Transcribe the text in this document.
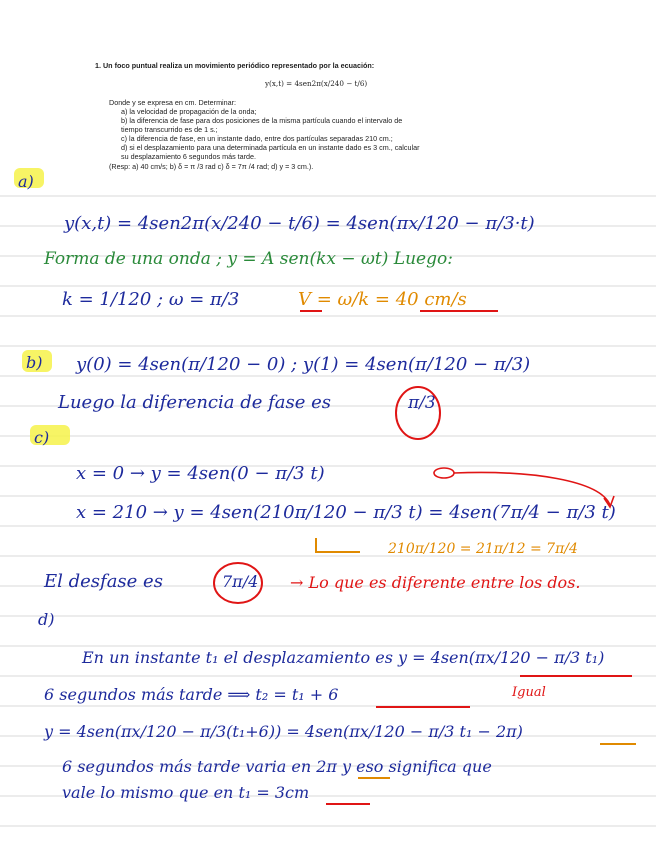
1. Un foco puntual realiza un movimiento periódico representado por la ecuación:
y(x,t) = 4sen2π(x/240 − t/6)
Donde y se expresa en cm. Determinar:
a) la velocidad de propagación de la onda;
b) la diferencia de fase para dos posiciones de la misma partícula cuando el intervalo de
tiempo transcurrido es de 1 s.;
c) la diferencia de fase, en un instante dado, entre dos partículas separadas 210 cm.;
d) si el desplazamiento para una determinada partícula en un instante dado es 3 cm., calcular
su desplazamiento 6 segundos más tarde.
(Resp: a) 40 cm/s; b) δ = π /3 rad c) δ = 7π /4 rad; d) y = 3 cm.).
a)
y(x,t) = 4sen2π(x/240 − t/6) = 4sen(πx/120 − π/3·t)
Forma de una onda ; y = A sen(kx − ωt) Luego:
k = 1/120 ; ω = π/3	V = ω/k = 40 cm/s
b) y(0) = 4sen(π/120 − 0) ; y(1) = 4sen(π/120 − π/3)
Luego la diferencia de fase es	π/3
c)
x = 0 → y = 4sen(0 − π/3 t)
x = 210 → y = 4sen(210π/120 − π/3 t) = 4sen(7π/4 − π/3 t)
210π/120 = 21π/12 = 7π/4
El desfase es	7π/4 → Lo que es diferente entre los dos.
d)
En un instante t₁ el desplazamiento es y = 4sen(πx/120 − π/3 t₁)
6 segundos más tarde ⟹ t₂ = t₁ + 6	Igual
y = 4sen(πx/120 − π/3(t₁+6)) = 4sen(πx/120 − π/3 t₁ − 2π)
6 segundos más tarde varia en 2π y eso significa que
vale lo mismo que en t₁ = 3cm
